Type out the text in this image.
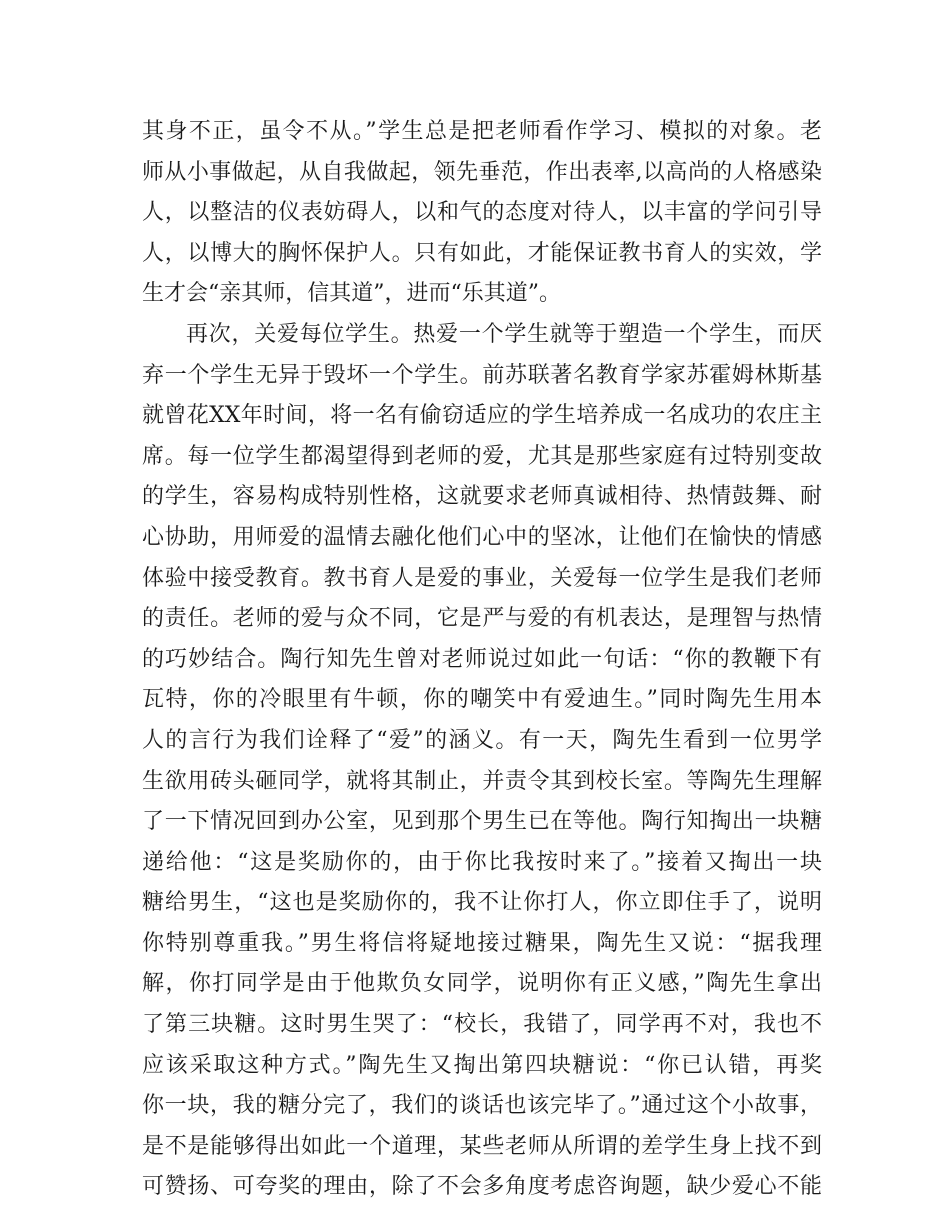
其身不正，虽令不从。”学生总是把老师看作学习、模拟的对象。老
师从小事做起，从自我做起，领先垂范，作出表率,以高尚的人格感染
人，以整洁的仪表妨碍人，以和气的态度对待人，以丰富的学问引导
人，以博大的胸怀保护人。只有如此，才能保证教书育人的实效，学
生才会“亲其师，信其道”，进而“乐其道”。
再次，关爱每位学生。热爱一个学生就等于塑造一个学生，而厌
弃一个学生无异于毁坏一个学生。前苏联著名教育学家苏霍姆林斯基
就曾花XX年时间，将一名有偷窃适应的学生培养成一名成功的农庄主
席。每一位学生都渴望得到老师的爱，尤其是那些家庭有过特别变故
的学生，容易构成特别性格，这就要求老师真诚相待、热情鼓舞、耐
心协助，用师爱的温情去融化他们心中的坚冰，让他们在愉快的情感
体验中接受教育。教书育人是爱的事业，关爱每一位学生是我们老师
的责任。老师的爱与众不同，它是严与爱的有机表达，是理智与热情
的巧妙结合。陶行知先生曾对老师说过如此一句话：“你的教鞭下有
瓦特，你的冷眼里有牛顿，你的嘲笑中有爱迪生。”同时陶先生用本
人的言行为我们诠释了“爱”的涵义。有一天，陶先生看到一位男学
生欲用砖头砸同学，就将其制止，并责令其到校长室。等陶先生理解
了一下情况回到办公室，见到那个男生已在等他。陶行知掏出一块糖
递给他：“这是奖励你的，由于你比我按时来了。”接着又掏出一块
糖给男生，“这也是奖励你的，我不让你打人，你立即住手了，说明
你特别尊重我。”男生将信将疑地接过糖果，陶先生又说：“据我理
解，你打同学是由于他欺负女同学，说明你有正义感，”陶先生拿出
了第三块糖。这时男生哭了：“校长，我错了，同学再不对，我也不
应该采取这种方式。”陶先生又掏出第四块糖说：“你已认错，再奖
你一块，我的糖分完了，我们的谈话也该完毕了。”通过这个小故事，
是不是能够得出如此一个道理，某些老师从所谓的差学生身上找不到
可赞扬、可夸奖的理由，除了不会多角度考虑咨询题，缺少爱心不能
